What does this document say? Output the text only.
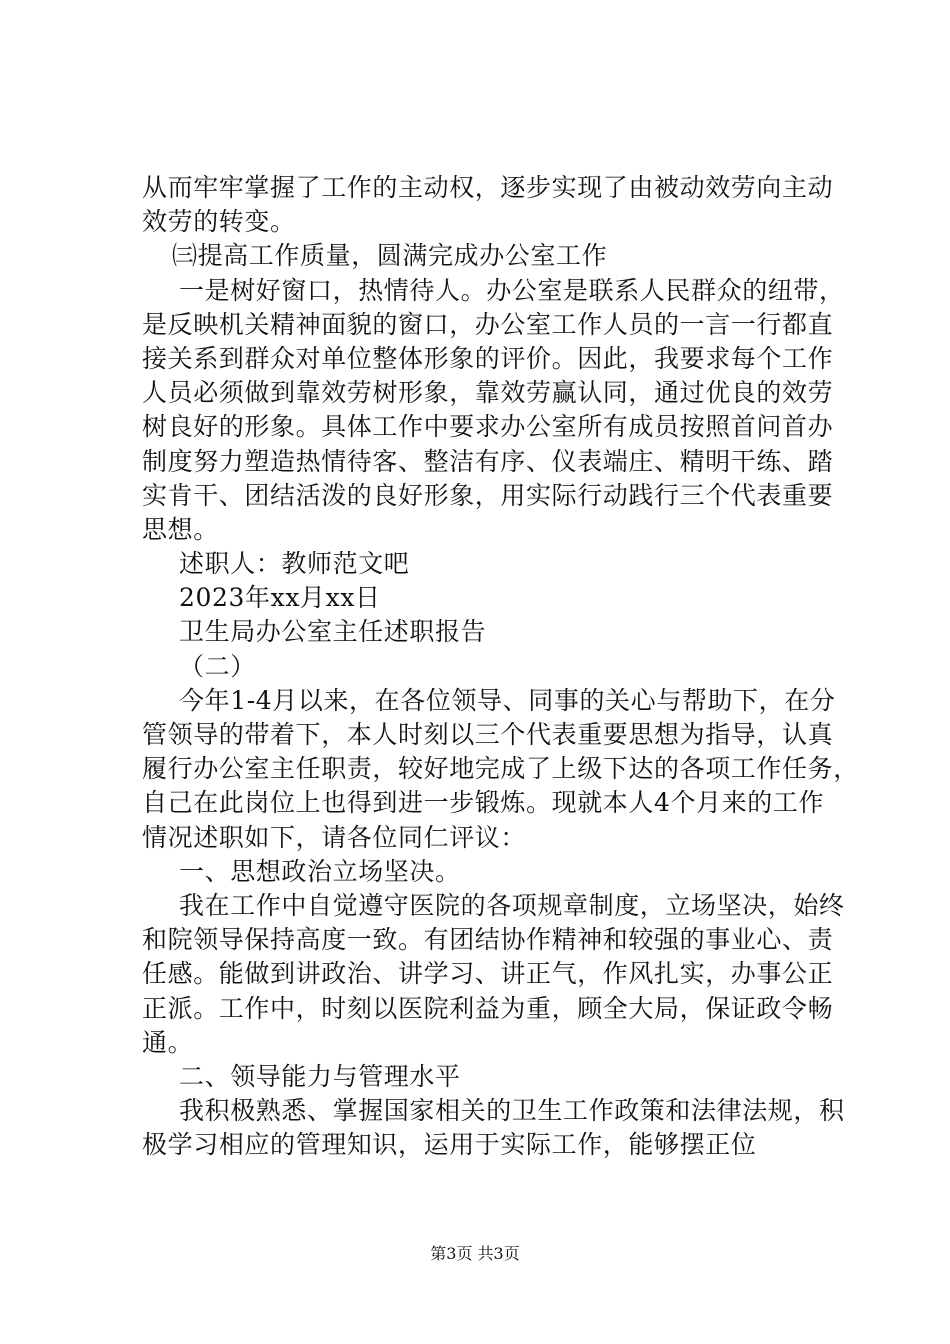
从而牢牢掌握了工作的主动权，逐步实现了由被动效劳向主动
效劳的转变。
㈢提高工作质量，圆满完成办公室工作
一是树好窗口，热情待人。办公室是联系人民群众的纽带，
是反映机关精神面貌的窗口，办公室工作人员的一言一行都直
接关系到群众对单位整体形象的评价。因此，我要求每个工作
人员必须做到靠效劳树形象，靠效劳赢认同，通过优良的效劳
树良好的形象。具体工作中要求办公室所有成员按照首问首办
制度努力塑造热情待客、整洁有序、仪表端庄、精明干练、踏
实肯干、团结活泼的良好形象，用实际行动践行三个代表重要
思想。
述职人：教师范文吧
2023年xx月xx日
卫生局办公室主任述职报告
（二）
今年1-4月以来，在各位领导、同事的关心与帮助下，在分
管领导的带着下，本人时刻以三个代表重要思想为指导，认真
履行办公室主任职责，较好地完成了上级下达的各项工作任务，
自己在此岗位上也得到进一步锻炼。现就本人4个月来的工作
情况述职如下，请各位同仁评议：
一、思想政治立场坚决。
我在工作中自觉遵守医院的各项规章制度，立场坚决，始终
和院领导保持高度一致。有团结协作精神和较强的事业心、责
任感。能做到讲政治、讲学习、讲正气，作风扎实，办事公正
正派。工作中，时刻以医院利益为重，顾全大局，保证政令畅
通。
二、领导能力与管理水平
我积极熟悉、掌握国家相关的卫生工作政策和法律法规，积
极学习相应的管理知识，运用于实际工作，能够摆正位
第3页 共3页
